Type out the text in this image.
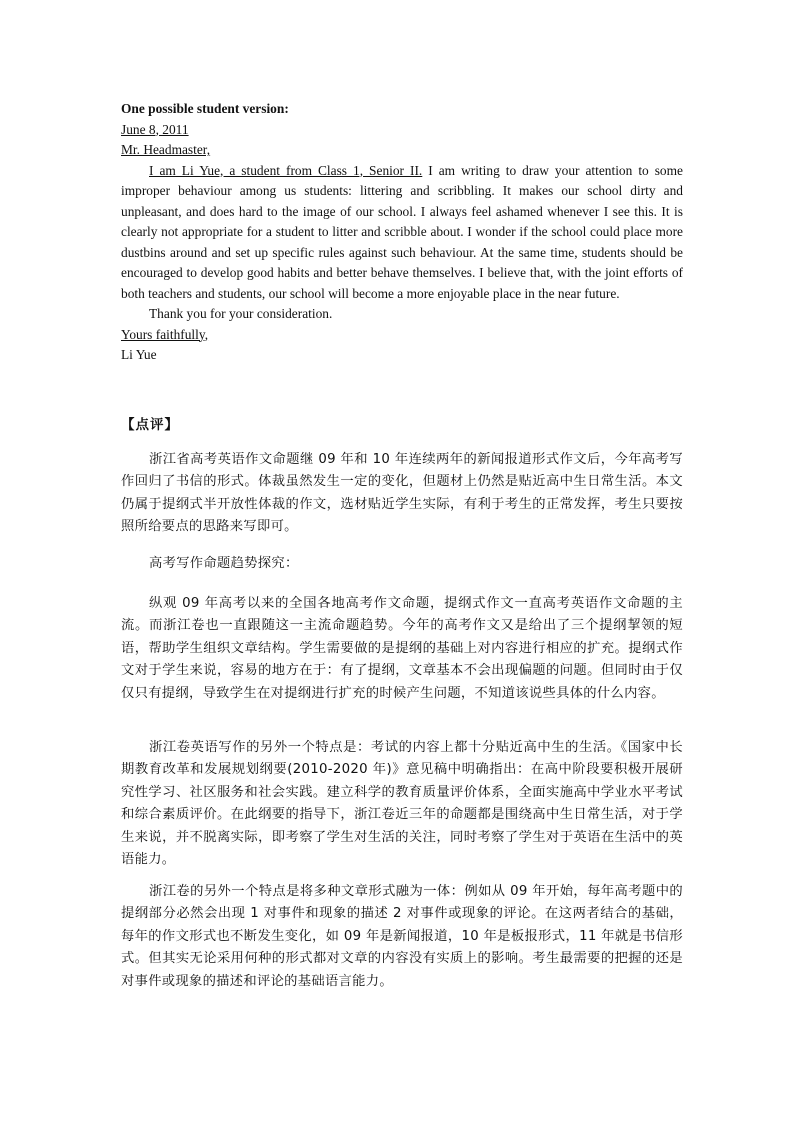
One possible student version:

June 8, 2011

Mr. Headmaster,

I am Li Yue, a student from Class 1, Senior II. I am writing to draw your attention to some improper behaviour among us students: littering and scribbling. It makes our school dirty and unpleasant, and does hard to the image of our school. I always feel ashamed whenever I see this. It is clearly not appropriate for a student to litter and scribble about. I wonder if the school could place more dustbins around and set up specific rules against such behaviour. At the same time, students should be encouraged to develop good habits and better behave themselves. I believe that, with the joint efforts of both teachers and students, our school will become a more enjoyable place in the near future.

Thank you for your consideration.

Yours faithfully,

Li Yue

【点评】

浙江省高考英语作文命题继 09 年和 10 年连续两年的新闻报道形式作文后，今年高考写作回归了书信的形式。体裁虽然发生一定的变化，但题材上仍然是贴近高中生日常生活。本文仍属于提纲式半开放性体裁的作文，选材贴近学生实际，有利于考生的正常发挥，考生只要按照所给要点的思路来写即可。

高考写作命题趋势探究：

纵观 09 年高考以来的全国各地高考作文命题，提纲式作文一直高考英语作文命题的主流。而浙江卷也一直跟随这一主流命题趋势。今年的高考作文又是给出了三个提纲挈领的短语，帮助学生组织文章结构。学生需要做的是提纲的基础上对内容进行相应的扩充。提纲式作文对于学生来说，容易的地方在于：有了提纲，文章基本不会出现偏题的问题。但同时由于仅仅只有提纲，导致学生在对提纲进行扩充的时候产生问题，不知道该说些具体的什么内容。

浙江卷英语写作的另外一个特点是：考试的内容上都十分贴近高中生的生活。《国家中长期教育改革和发展规划纲要(2010-2020 年)》意见稿中明确指出：在高中阶段要积极开展研究性学习、社区服务和社会实践。建立科学的教育质量评价体系，全面实施高中学业水平考试和综合素质评价。在此纲要的指导下，浙江卷近三年的命题都是围绕高中生日常生活，对于学生来说，并不脱离实际，即考察了学生对生活的关注，同时考察了学生对于英语在生活中的英语能力。

浙江卷的另外一个特点是将多种文章形式融为一体：例如从 09 年开始，每年高考题中的提纲部分必然会出现 1 对事件和现象的描述 2 对事件或现象的评论。在这两者结合的基础，每年的作文形式也不断发生变化，如 09 年是新闻报道，10 年是板报形式，11 年就是书信形式。但其实无论采用何种的形式都对文章的内容没有实质上的影响。考生最需要的把握的还是对事件或现象的描述和评论的基础语言能力。
